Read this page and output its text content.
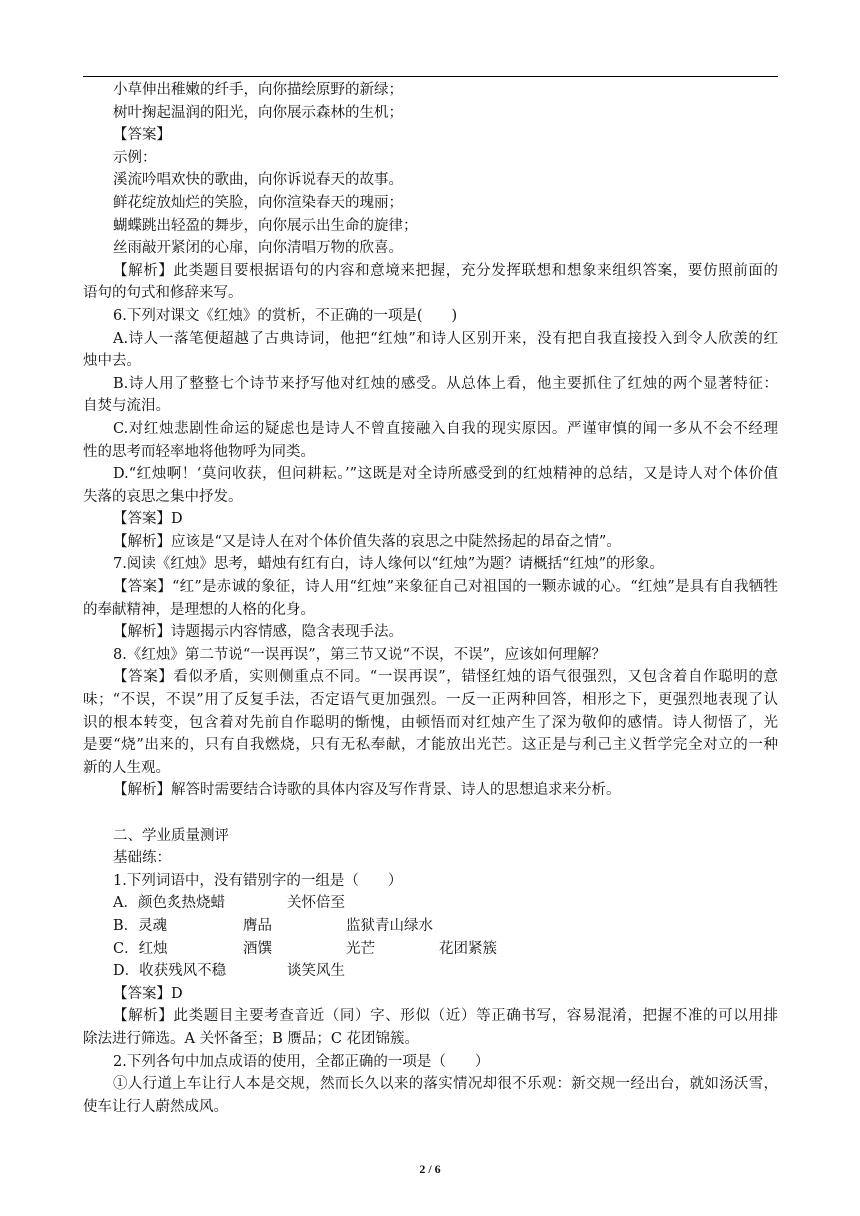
小草伸出稚嫩的纤手，向你描绘原野的新绿；
树叶掬起温润的阳光，向你展示森林的生机；
【答案】
示例：
溪流吟唱欢快的歌曲，向你诉说春天的故事。
鲜花绽放灿烂的笑脸，向你渲染春天的瑰丽；
蝴蝶跳出轻盈的舞步，向你展示出生命的旋律；
丝雨敲开紧闭的心扉，向你清唱万物的欣喜。
【解析】此类题目要根据语句的内容和意境来把握，充分发挥联想和想象来组织答案，要仿照前面的
语句的句式和修辞来写。
6.下列对课文《红烛》的赏析，不正确的一项是(　　)
A.诗人一落笔便超越了古典诗词，他把“红烛”和诗人区别开来，没有把自我直接投入到令人欣羡的红
烛中去。
B.诗人用了整整七个诗节来抒写他对红烛的感受。从总体上看，他主要抓住了红烛的两个显著特征：
自焚与流泪。
C.对红烛悲剧性命运的疑虑也是诗人不曾直接融入自我的现实原因。严谨审慎的闻一多从不会不经理
性的思考而轻率地将他物呼为同类。
D.“红烛啊！‘莫问收获，但问耕耘。’”这既是对全诗所感受到的红烛精神的总结，又是诗人对个体价值
失落的哀思之集中抒发。
【答案】D
【解析】应该是“又是诗人在对个体价值失落的哀思之中陡然扬起的昂奋之情”。
7.阅读《红烛》思考，蜡烛有红有白，诗人缘何以“红烛”为题？请概括“红烛”的形象。
【答案】“红”是赤诚的象征，诗人用“红烛”来象征自己对祖国的一颗赤诚的心。“红烛”是具有自我牺牲
的奉献精神，是理想的人格的化身。
【解析】诗题揭示内容情感，隐含表现手法。
8.《红烛》第二节说“一误再误”，第三节又说“不误，不误”，应该如何理解？
【答案】看似矛盾，实则侧重点不同。“一误再误”，错怪红烛的语气很强烈，又包含着自作聪明的意
味；“不误，不误”用了反复手法，否定语气更加强烈。一反一正两种回答，相形之下，更强烈地表现了认
识的根本转变，包含着对先前自作聪明的惭愧，由顿悟而对红烛产生了深为敬仰的感情。诗人彻悟了，光
是要“烧”出来的，只有自我燃烧，只有无私奉献，才能放出光芒。这正是与利己主义哲学完全对立的一种
新的人生观。
【解析】解答时需要结合诗歌的具体内容及写作背景、诗人的思想追求来分析。
二、学业质量测评
基础练：
1.下列词语中，没有错别字的一组是（　　）
A．颜色炙热烧蜡	关怀倍至
B．灵魂	膺品	监狱青山绿水
C．红烛	酒馔	光芒	花团紧簇
D．收获残风不稳	谈笑风生
【答案】D
【解析】此类题目主要考查音近（同）字、形似（近）等正确书写，容易混淆，把握不准的可以用排
除法进行筛选。A 关怀备至；B 赝品；C 花团锦簇。
2.下列各句中加点成语的使用，全都正确的一项是（　　）
①人行道上车让行人本是交规，然而长久以来的落实情况却很不乐观：新交规一经出台，就如汤沃雪，
使车让行人蔚然成风。
2 / 6
